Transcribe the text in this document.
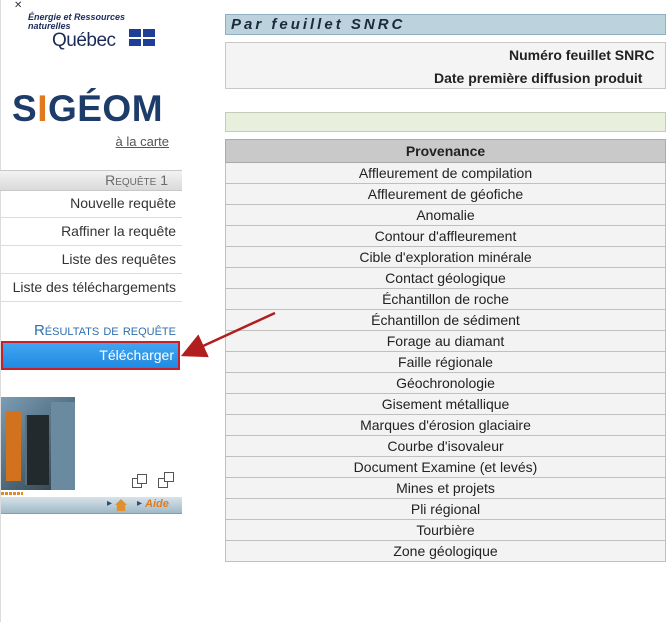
Énergie et Ressources
naturelles
Québec
SIGÉOM
à la carte
Requête 1
Nouvelle requête
Raffiner la requête
Liste des requêtes
Liste des téléchargements
Résultats de requête
Télécharger
▸ ▸ Aide
Par feuillet SNRC
Numéro feuillet SNRC
Date première diffusion produit
Provenance
Affleurement de compilation
Affleurement de géofiche
Anomalie
Contour d'affleurement
Cible d'exploration minérale
Contact géologique
Échantillon de roche
Échantillon de sédiment
Forage au diamant
Faille régionale
Géochronologie
Gisement métallique
Marques d'érosion glaciaire
Courbe d'isovaleur
Document Examine (et levés)
Mines et projets
Pli régional
Tourbière
Zone géologique
✕
